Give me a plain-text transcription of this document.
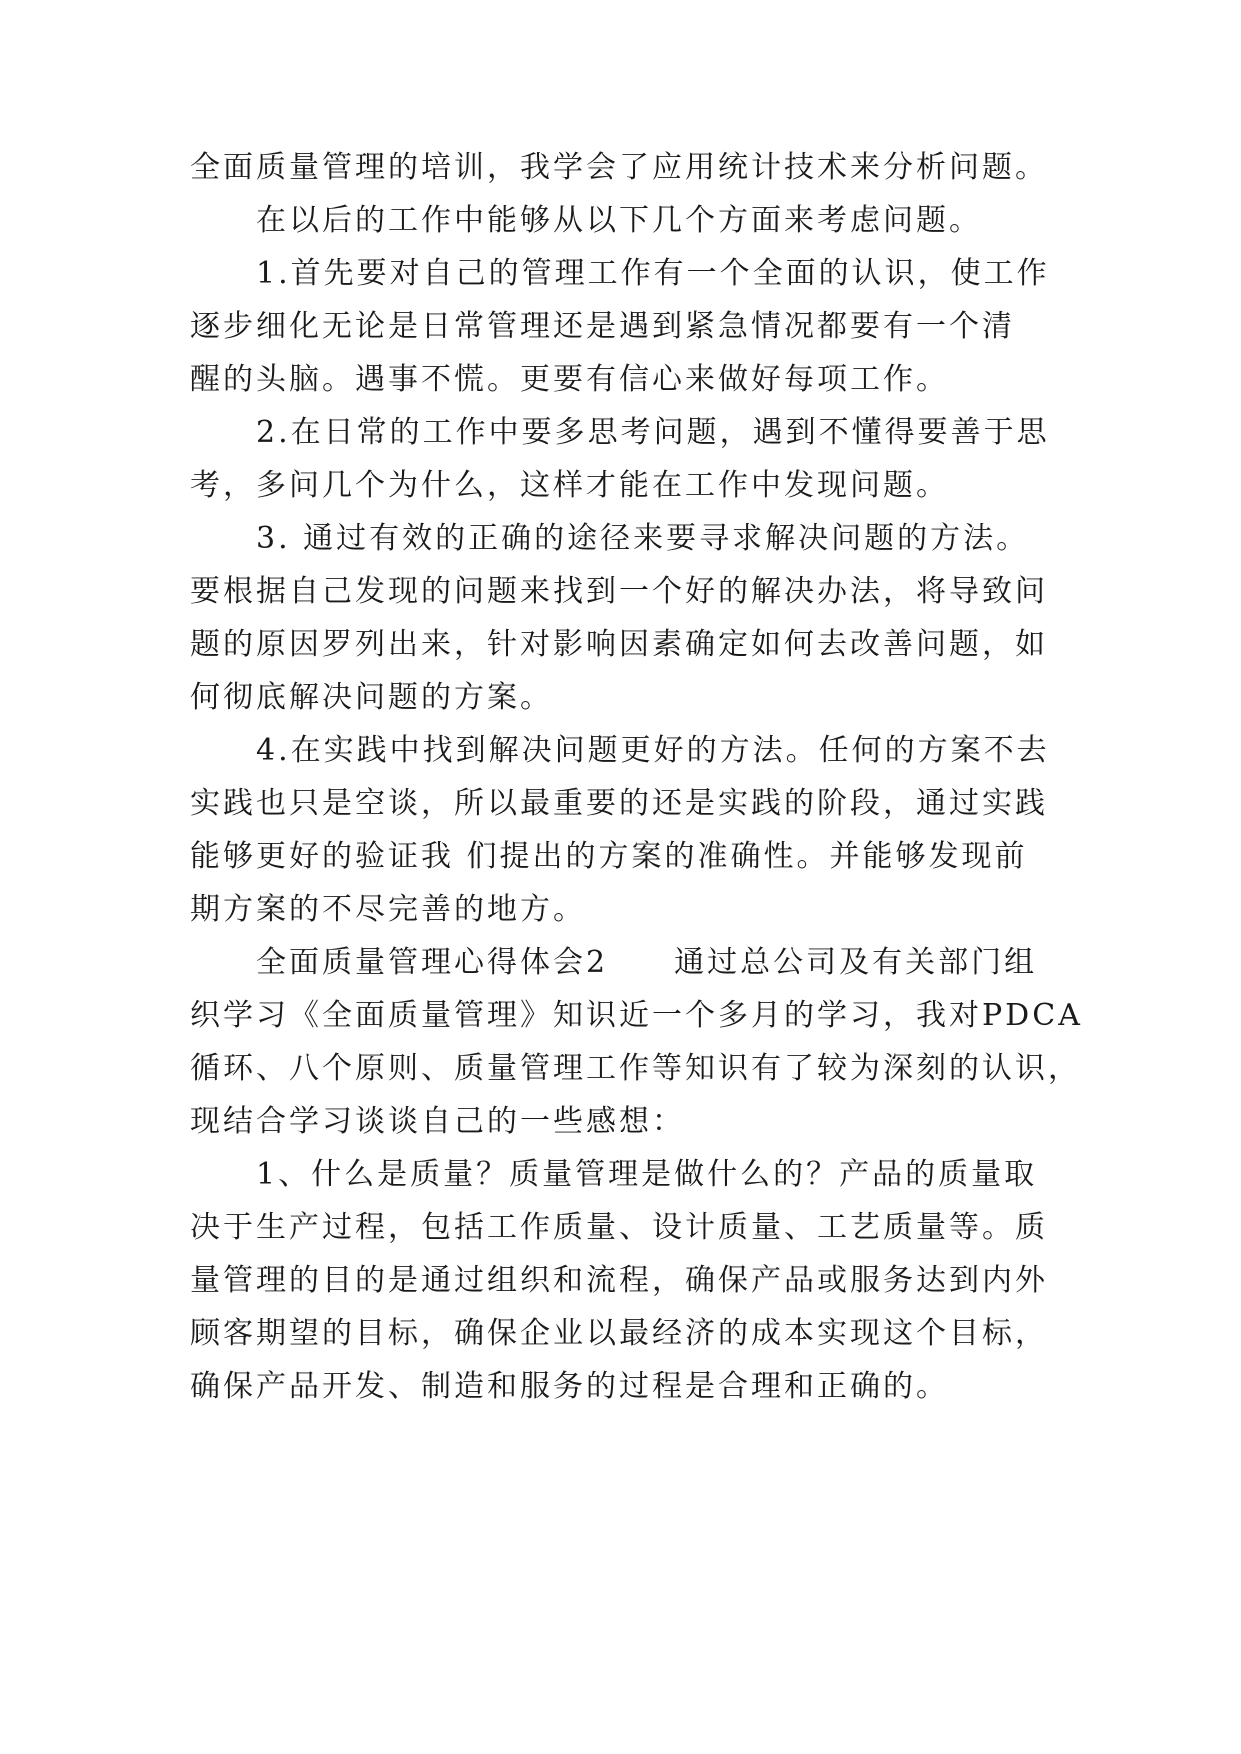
全面质量管理的培训，我学会了应用统计技术来分析问题。

在以后的工作中能够从以下几个方面来考虑问题。

1.首先要对自己的管理工作有一个全面的认识，使工作

逐步细化无论是日常管理还是遇到紧急情况都要有一个清

醒的头脑。遇事不慌。更要有信心来做好每项工作。

2.在日常的工作中要多思考问题，遇到不懂得要善于思

考，多问几个为什么，这样才能在工作中发现问题。

3. 通过有效的正确的途径来要寻求解决问题的方法。

要根据自己发现的问题来找到一个好的解决办法，将导致问

题的原因罗列出来，针对影响因素确定如何去改善问题，如

何彻底解决问题的方案。

4.在实践中找到解决问题更好的方法。任何的方案不去

实践也只是空谈，所以最重要的还是实践的阶段，通过实践

能够更好的验证我 们提出的方案的准确性。并能够发现前

期方案的不尽完善的地方。

全面质量管理心得体会2　　通过总公司及有关部门组

织学习《全面质量管理》知识近一个多月的学习，我对PDCA

循环、八个原则、质量管理工作等知识有了较为深刻的认识，

现结合学习谈谈自己的一些感想：

1、什么是质量？质量管理是做什么的？产品的质量取

决于生产过程，包括工作质量、设计质量、工艺质量等。质

量管理的目的是通过组织和流程，确保产品或服务达到内外

顾客期望的目标，确保企业以最经济的成本实现这个目标，

确保产品开发、制造和服务的过程是合理和正确的。
